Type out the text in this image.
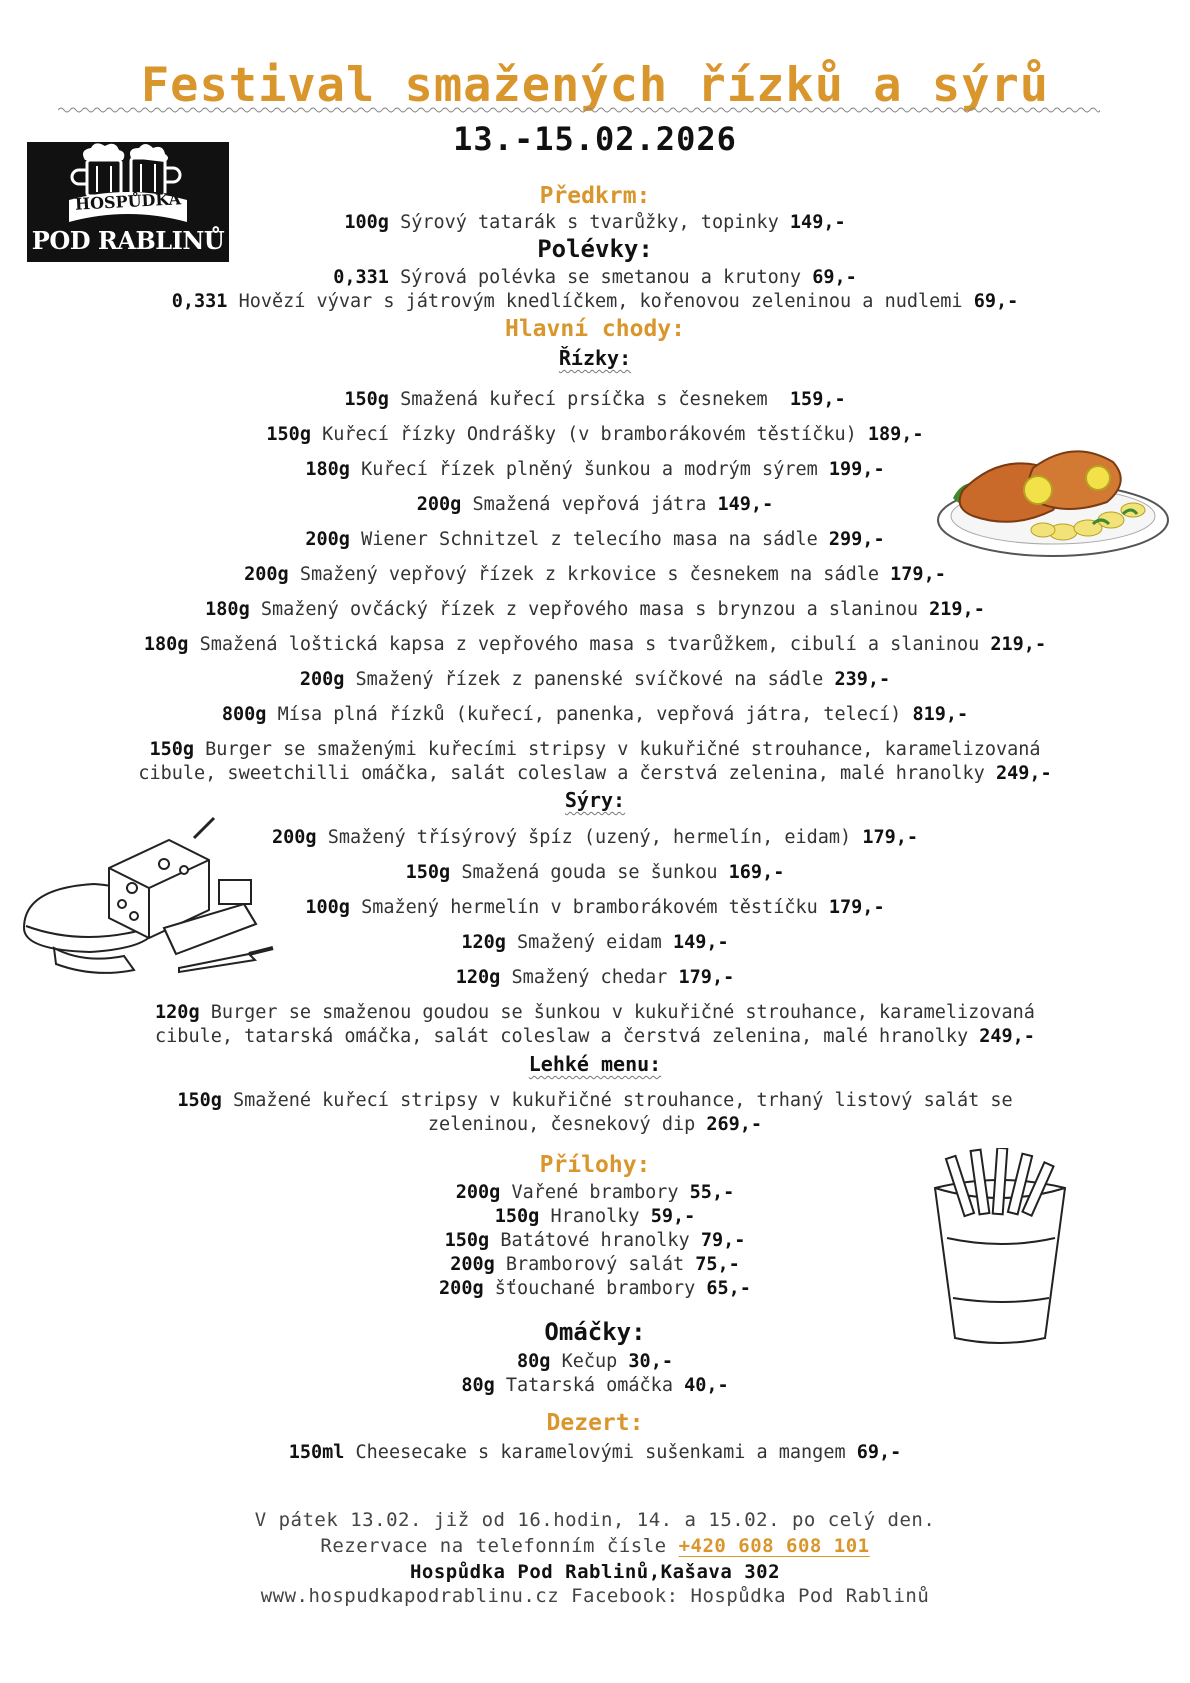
Festival smažených řízků a sýrů
13.-15.02.2026
HOSPŮDKA
POD RABLINŮ
Předkrm:
100g Sýrový tatarák s tvarůžky, topinky 149,-
Polévky:
0,331 Sýrová polévka se smetanou a krutony 69,-
0,331 Hovězí vývar s játrovým knedlíčkem, kořenovou zeleninou a nudlemi 69,-
Hlavní chody:
Řízky:
150g Smažená kuřecí prsíčka s česnekem  159,-
150g Kuřecí řízky Ondrášky (v bramborákovém těstíčku) 189,-
180g Kuřecí řízek plněný šunkou a modrým sýrem 199,-
200g Smažená vepřová játra 149,-
200g Wiener Schnitzel z telecího masa na sádle 299,-
200g Smažený vepřový řízek z krkovice s česnekem na sádle 179,-
180g Smažený ovčácký řízek z vepřového masa s brynzou a slaninou 219,-
180g Smažená loštická kapsa z vepřového masa s tvarůžkem, cibulí a slaninou 219,-
200g Smažený řízek z panenské svíčkové na sádle 239,-
800g Mísa plná řízků (kuřecí, panenka, vepřová játra, telecí) 819,-
150g Burger se smaženými kuřecími stripsy v kukuřičné strouhance, karamelizovaná
cibule, sweetchilli omáčka, salát coleslaw a čerstvá zelenina, malé hranolky 249,-
Sýry:
200g Smažený třísýrový špíz (uzený, hermelín, eidam) 179,-
150g Smažená gouda se šunkou 169,-
100g Smažený hermelín v bramborákovém těstíčku 179,-
120g Smažený eidam 149,-
120g Smažený chedar 179,-
120g Burger se smaženou goudou se šunkou v kukuřičné strouhance, karamelizovaná
cibule, tatarská omáčka, salát coleslaw a čerstvá zelenina, malé hranolky 249,-
Lehké menu:
150g Smažené kuřecí stripsy v kukuřičné strouhance, trhaný listový salát se
zeleninou, česnekový dip 269,-
Přílohy:
200g Vařené brambory 55,-
150g Hranolky 59,-
150g Batátové hranolky 79,-
200g Bramborový salát 75,-
200g šťouchané brambory 65,-
Omáčky:
80g Kečup 30,-
80g Tatarská omáčka 40,-
Dezert:
150ml Cheesecake s karamelovými sušenkami a mangem 69,-
V pátek 13.02. již od 16.hodin, 14. a 15.02. po celý den.
Rezervace na telefonním čísle +420 608 608 101
Hospůdka Pod Rablinů,Kašava 302
www.hospudkapodrablinu.cz Facebook: Hospůdka Pod Rablinů
